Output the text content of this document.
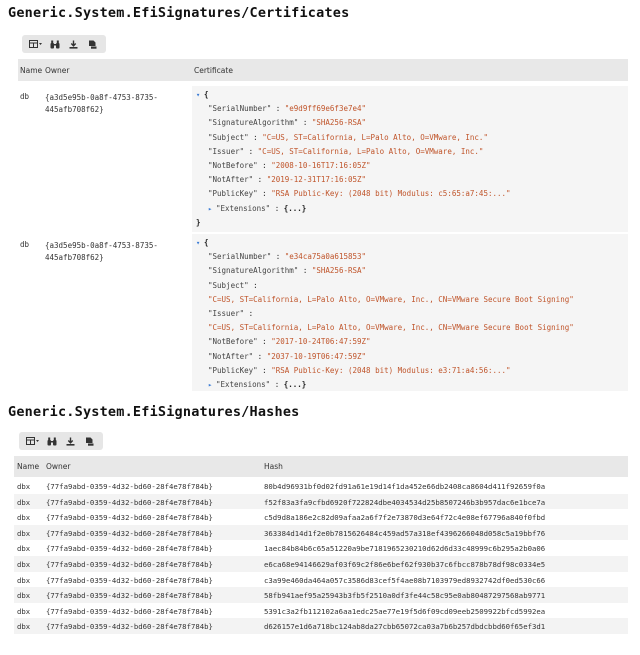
Generic.System.EfiSignatures/Certificates
Name Owner	Certificate
db {a3d5e95b-0a8f-4753-8735-
445afb708f62}
▾ {
"SerialNumber" : "e9d9ff69e6f3e7e4"
"SignatureAlgorithm" : "SHA256-RSA"
"Subject" : "C=US, ST=California, L=Palo Alto, O=VMware, Inc."
"Issuer" : "C=US, ST=California, L=Palo Alto, O=VMware, Inc."
"NotBefore" : "2008-10-16T17:16:05Z"
"NotAfter" : "2019-12-31T17:16:05Z"
"PublicKey" : "RSA Public-Key: (2048 bit) Modulus: c5:65:a7:45:..."
▸ "Extensions" : {...}
}
db {a3d5e95b-0a8f-4753-8735-
445afb708f62}
▾ {
"SerialNumber" : "e34ca75a0a615853"
"SignatureAlgorithm" : "SHA256-RSA"
"Subject" :
"C=US, ST=California, L=Palo Alto, O=VMware, Inc., CN=VMware Secure Boot Signing"
"Issuer" :
"C=US, ST=California, L=Palo Alto, O=VMware, Inc., CN=VMware Secure Boot Signing"
"NotBefore" : "2017-10-24T06:47:59Z"
"NotAfter" : "2037-10-19T06:47:59Z"
"PublicKey" : "RSA Public-Key: (2048 bit) Modulus: e3:71:a4:56:..."
▸ "Extensions" : {...}
Generic.System.EfiSignatures/Hashes
Name Owner	Hash
dbx {77fa9abd-0359-4d32-bd60-28f4e78f784b}	80b4d96931bf0d02fd91a61e19d14f1da452e66db2408ca8604d411f92659f0a
dbx {77fa9abd-0359-4d32-bd60-28f4e78f784b}	f52f83a3fa9cfbd6920f722824dbe4034534d25b8507246b3b957dac6e1bce7a
dbx {77fa9abd-0359-4d32-bd60-28f4e78f784b}	c5d9d8a186e2c82d09afaa2a6f7f2e73870d3e64f72c4e08ef67796a840f0fbd
dbx {77fa9abd-0359-4d32-bd60-28f4e78f784b}	363384d14d1f2e0b7815626484c459ad57a318ef4396266048d058c5a19bbf76
dbx {77fa9abd-0359-4d32-bd60-28f4e78f784b}	1aec84b84b6c65a51220a9be7181965230210d62d6d33c48999c6b295a2b0a06
dbx {77fa9abd-0359-4d32-bd60-28f4e78f784b}	e6ca68e94146629af03f69c2f86e6bef62f930b37c6fbcc878b78df98c0334e5
dbx {77fa9abd-0359-4d32-bd60-28f4e78f784b}	c3a99e460da464a057c3586d83cef5f4ae08b7103979ed8932742df0ed530c66
dbx {77fa9abd-0359-4d32-bd60-28f4e78f784b}	58fb941aef95a25943b3fb5f2510a0df3fe44c58c95e0ab80487297568ab9771
dbx {77fa9abd-0359-4d32-bd60-28f4e78f784b}	5391c3a2fb112102a6aa1edc25ae77e19f5d6f09cd09eeb2509922bfcd5992ea
dbx {77fa9abd-0359-4d32-bd60-28f4e78f784b}	d626157e1d6a718bc124ab8da27cbb65072ca03a7b6b257dbdcbbd60f65ef3d1
